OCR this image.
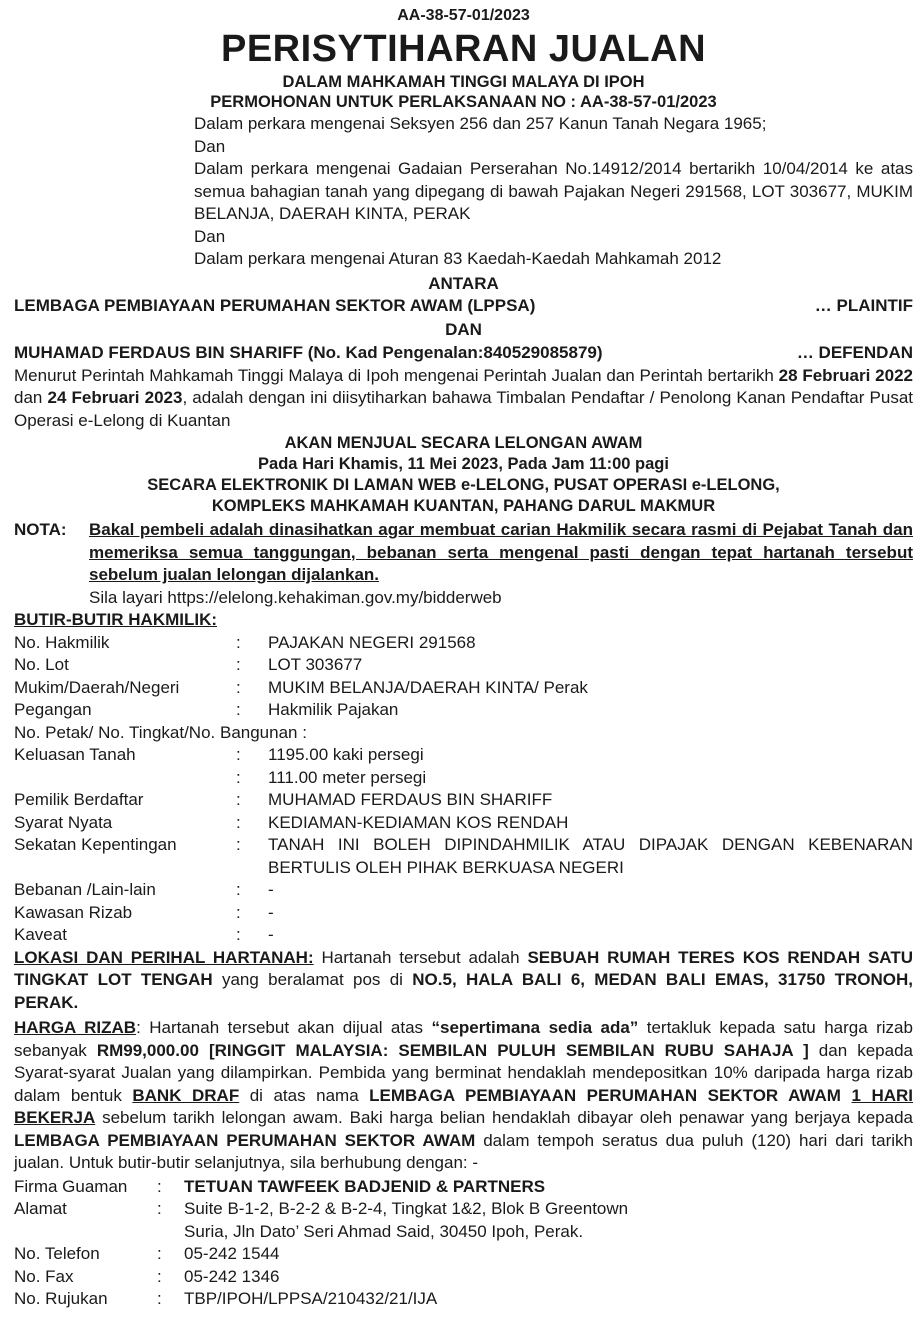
AA-38-57-01/2023
PERISYTIHARAN JUALAN
DALAM MAHKAMAH TINGGI MALAYA DI IPOH
PERMOHONAN UNTUK PERLAKSANAAN NO : AA-38-57-01/2023
Dalam perkara mengenai Seksyen 256 dan 257 Kanun Tanah Negara 1965;
Dan
Dalam perkara mengenai Gadaian Perserahan No.14912/2014 bertarikh 10/04/2014 ke atas semua bahagian tanah yang dipegang di bawah Pajakan Negeri 291568, LOT 303677, MUKIM BELANJA, DAERAH KINTA, PERAK
Dan
Dalam perkara mengenai Aturan 83 Kaedah-Kaedah Mahkamah 2012
ANTARA
LEMBAGA PEMBIAYAAN PERUMAHAN SEKTOR AWAM (LPPSA)	… PLAINTIF
DAN
MUHAMAD FERDAUS BIN SHARIFF (No. Kad Pengenalan:840529085879)	… DEFENDAN
Menurut Perintah Mahkamah Tinggi Malaya di Ipoh mengenai Perintah Jualan dan Perintah bertarikh 28 Februari 2022 dan 24 Februari 2023, adalah dengan ini diisytiharkan bahawa Timbalan Pendaftar / Penolong Kanan Pendaftar Pusat Operasi e-Lelong di Kuantan
AKAN MENJUAL SECARA LELONGAN AWAM
Pada Hari Khamis, 11 Mei 2023, Pada Jam 11:00 pagi
SECARA ELEKTRONIK DI LAMAN WEB e-LELONG, PUSAT OPERASI e-LELONG,
KOMPLEKS MAHKAMAH KUANTAN, PAHANG DARUL MAKMUR
NOTA:	Bakal pembeli adalah dinasihatkan agar membuat carian Hakmilik secara rasmi di Pejabat Tanah dan memeriksa semua tanggungan, bebanan serta mengenal pasti dengan tepat hartanah tersebut sebelum jualan lelongan dijalankan.
Sila layari https://elelong.kehakiman.gov.my/bidderweb
BUTIR-BUTIR HAKMILIK:
No. Hakmilik	:	PAJAKAN NEGERI 291568
No. Lot	:	LOT 303677
Mukim/Daerah/Negeri	:	MUKIM BELANJA/DAERAH KINTA/ Perak
Pegangan	:	Hakmilik Pajakan
No. Petak/ No. Tingkat/No. Bangunan :
Keluasan Tanah	:	1195.00 kaki persegi
	:	111.00 meter persegi
Pemilik Berdaftar	:	MUHAMAD FERDAUS BIN SHARIFF
Syarat Nyata	:	KEDIAMAN-KEDIAMAN KOS RENDAH
Sekatan Kepentingan	:	TANAH INI BOLEH DIPINDAHMILIK ATAU DIPAJAK DENGAN KEBENARAN BERTULIS OLEH PIHAK BERKUASA NEGERI
Bebanan /Lain-lain	:	-
Kawasan Rizab	:	-
Kaveat	:	-
LOKASI DAN PERIHAL HARTANAH: Hartanah tersebut adalah SEBUAH RUMAH TERES KOS RENDAH SATU TINGKAT LOT TENGAH yang beralamat pos di NO.5, HALA BALI 6, MEDAN BALI EMAS, 31750 TRONOH, PERAK.
HARGA RIZAB: Hartanah tersebut akan dijual atas “sepertimana sedia ada” tertakluk kepada satu harga rizab sebanyak RM99,000.00 [RINGGIT MALAYSIA: SEMBILAN PULUH SEMBILAN RUBU SAHAJA ] dan kepada Syarat-syarat Jualan yang dilampirkan. Pembida yang berminat hendaklah mendepositkan 10% daripada harga rizab dalam bentuk BANK DRAF di atas nama LEMBAGA PEMBIAYAAN PERUMAHAN SEKTOR AWAM 1 HARI BEKERJA sebelum tarikh lelongan awam. Baki harga belian hendaklah dibayar oleh penawar yang berjaya kepada LEMBAGA PEMBIAYAAN PERUMAHAN SEKTOR AWAM dalam tempoh seratus dua puluh (120) hari dari tarikh jualan. Untuk butir-butir selanjutnya, sila berhubung dengan: -
Firma Guaman	:	TETUAN TAWFEEK BADJENID & PARTNERS
Alamat	:	Suite B-1-2, B-2-2 & B-2-4, Tingkat 1&2, Blok B Greentown
Suria, Jln Dato’ Seri Ahmad Said, 30450 Ipoh, Perak.

No. Telefon	:	05-242 1544
No. Fax	:	05-242 1346
No. Rujukan	:	TBP/IPOH/LPPSA/210432/21/IJA
